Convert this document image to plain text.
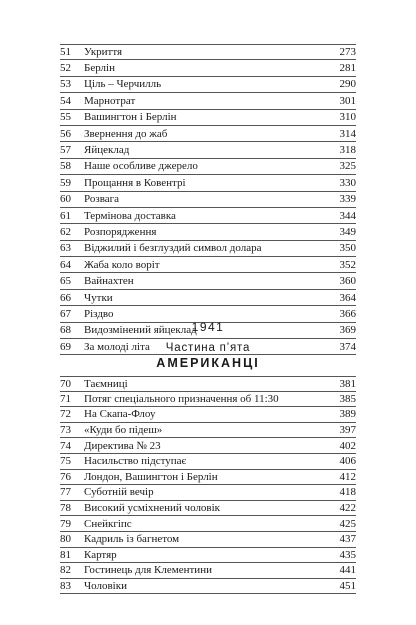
51	Укриття	273
52	Берлін	281
53	Ціль – Черчилль	290
54	Марнотрат	301
55	Вашингтон і Берлін	310
56	Звернення до жаб	314
57	Яйцеклад	318
58	Наше особливе джерело	325
59	Прощання в Ковентрі	330
60	Розвага	339
61	Термінова доставка	344
62	Розпорядження	349
63	Віджилий і безглуздий символ долара	350
64	Жаба коло воріт	352
65	Вайнахтен	360
66	Чутки	364
67	Різдво	366
68	Видозмінений яйцеклад	369
69	За молоді літа	374
1941
Частина п’ята
АМЕРИКАНЦІ
70	Таємниці	381
71	Потяг спеціального призначення об 11:30	385
72	На Скапа-Флоу	389
73	«Куди бо підеш»	397
74	Директива № 23	402
75	Насильство підступає	406
76	Лондон, Вашингтон і Берлін	412
77	Суботній вечір	418
78	Високий усміхнений чоловік	422
79	Снейкгіпс	425
80	Кадриль із багнетом	437
81	Картяр	435
82	Гостинець для Клементини	441
83	Чоловіки	451
